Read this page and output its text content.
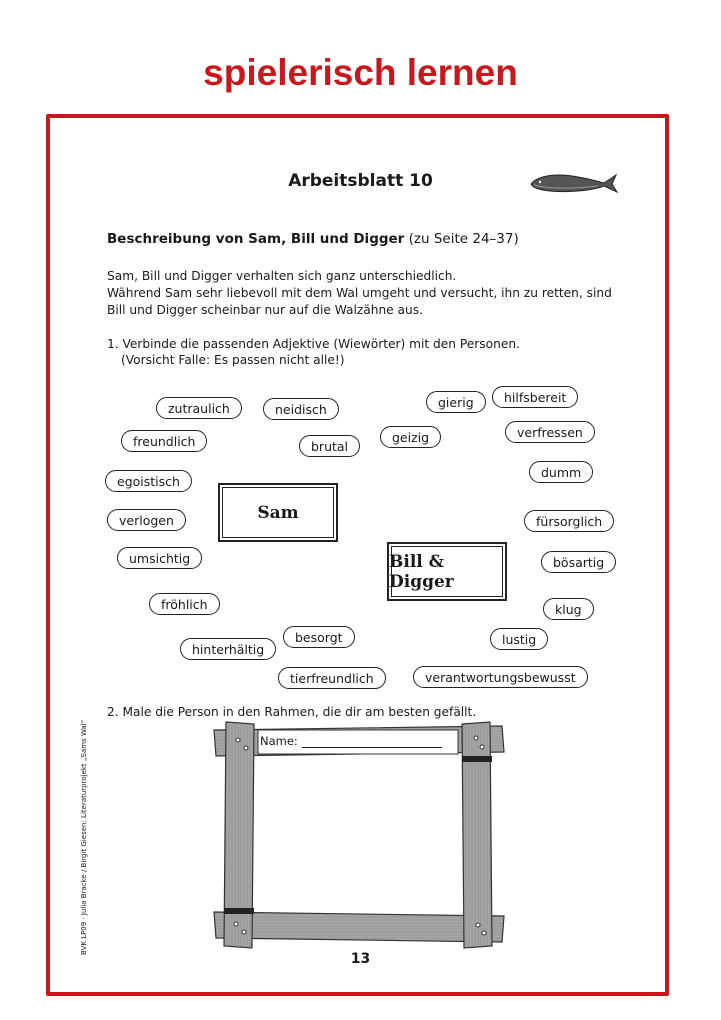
spielerisch lernen
Arbeitsblatt 10
Beschreibung von Sam, Bill und Digger (zu Seite 24–37)
Sam, Bill und Digger verhalten sich ganz unterschiedlich.
Während Sam sehr liebevoll mit dem Wal umgeht und versucht, ihn zu retten, sind
Bill und Digger scheinbar nur auf die Walzähne aus.
1. Verbinde die passenden Adjektive (Wiewörter) mit den Personen.
(Vorsicht Falle: Es passen nicht alle!)
zutraulich	neidisch	gierig	hilfsbereit
freundlich	brutal
geizig	verfressen
egoistisch
dumm
verlogen	fürsorglich
umsichtig	bösartig
fröhlich	klug
besorgt
hinterhältig
lustig
tierfreundlich	verantwortungsbewusst
Sam
Bill & Digger
2. Male die Person in den Rahmen, die dir am besten gefällt.
Name:
BVK LP09 · Julia Bracke / Birgit Giesen: Literaturprojekt „Sams Wal“
13
